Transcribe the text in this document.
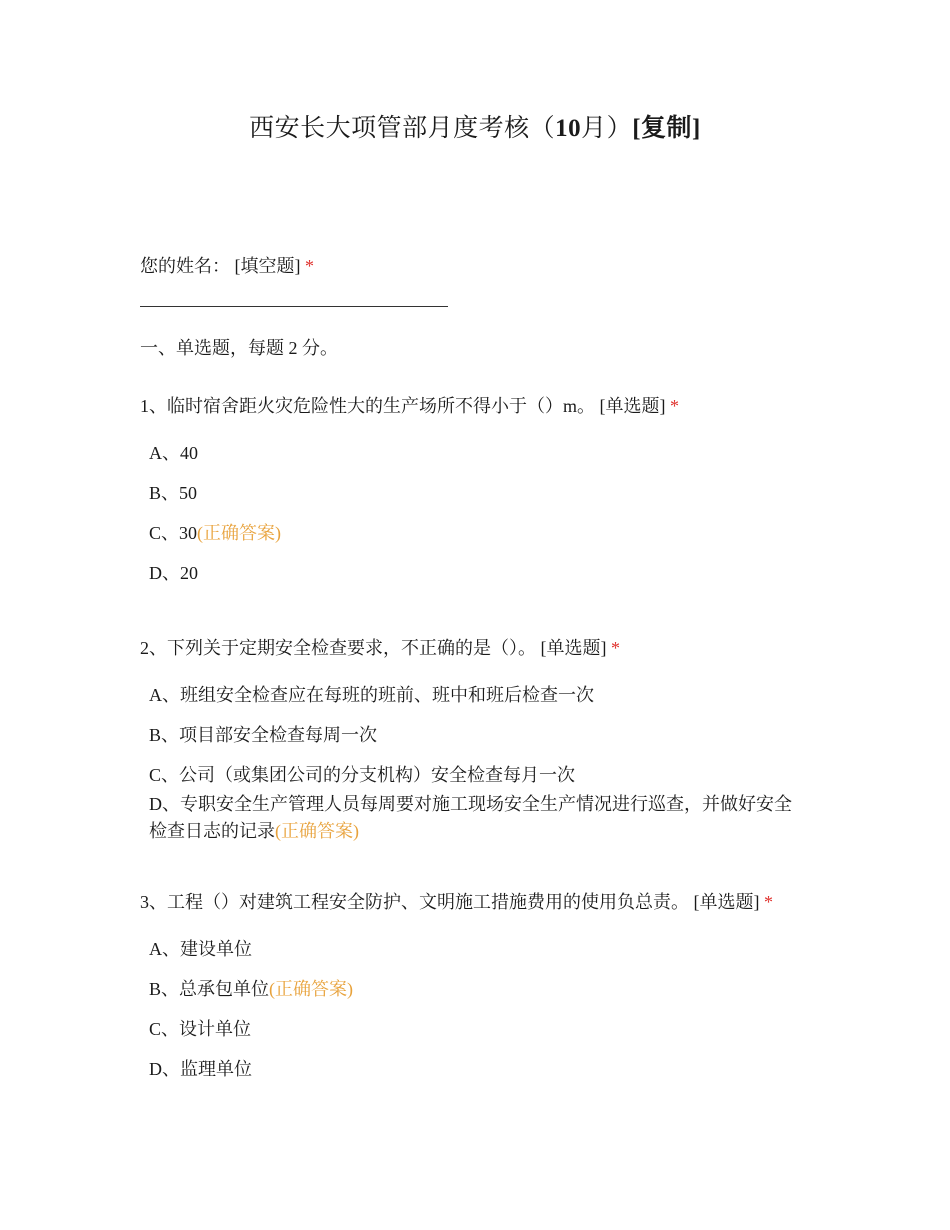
西安长大项管部月度考核（10月）[复制]
您的姓名： [填空题] *
一、单选题，每题 2 分。
1、临时宿舍距火灾危险性大的生产场所不得小于（）m。 [单选题] *
A、40
B、50
C、30(正确答案)
D、20
2、下列关于定期安全检查要求，不正确的是（）。 [单选题] *
A、班组安全检查应在每班的班前、班中和班后检查一次
B、项目部安全检查每周一次
C、公司（或集团公司的分支机构）安全检查每月一次
D、专职安全生产管理人员每周要对施工现场安全生产情况进行巡查，并做好安全检查日志的记录(正确答案)
3、工程（）对建筑工程安全防护、文明施工措施费用的使用负总责。 [单选题] *
A、建设单位
B、总承包单位(正确答案)
C、设计单位
D、监理单位
